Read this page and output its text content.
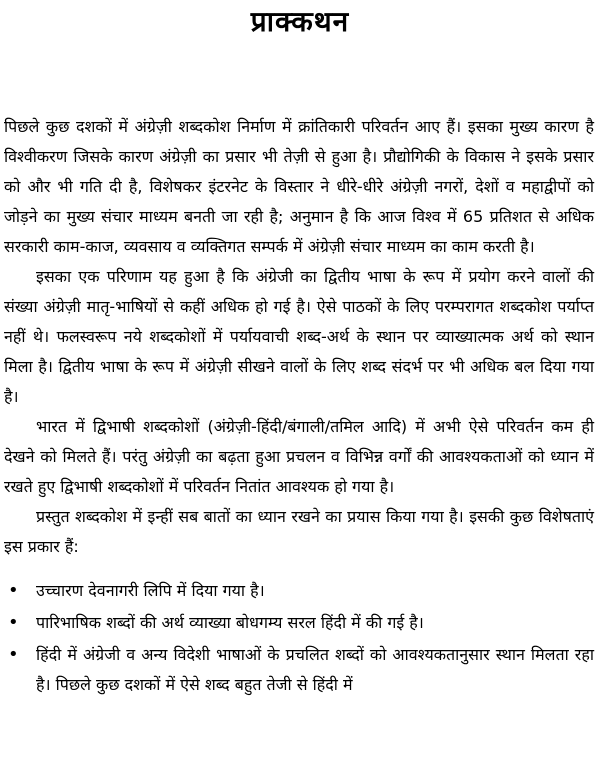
प्राक्कथन

पिछले कुछ दशकों में अंग्रेज़ी शब्दकोश निर्माण में क्रांतिकारी परिवर्तन आए हैं। इसका मुख्य कारण है विश्वीकरण जिसके कारण अंग्रेज़ी का प्रसार भी तेज़ी से हुआ है। प्रौद्योगिकी के विकास ने इसके प्रसार को और भी गति दी है, विशेषकर इंटरनेट के विस्तार ने धीरे-धीरे अंग्रेज़ी नगरों, देशों व महाद्वीपों को जोड़ने का मुख्य संचार माध्यम बनती जा रही है; अनुमान है कि आज विश्व में 65 प्रतिशत से अधिक सरकारी काम-काज, व्यवसाय व व्यक्तिगत सम्पर्क में अंग्रेज़ी संचार माध्यम का काम करती है।

इसका एक परिणाम यह हुआ है कि अंग्रेजी का द्वितीय भाषा के रूप में प्रयोग करने वालों की संख्या अंग्रेज़ी मातृ-भाषियों से कहीं अधिक हो गई है। ऐसे पाठकों के लिए परम्परागत शब्दकोश पर्याप्त नहीं थे। फलस्वरूप नये शब्दकोशों में पर्यायवाची शब्द-अर्थ के स्थान पर व्याख्यात्मक अर्थ को स्थान मिला है। द्वितीय भाषा के रूप में अंग्रेज़ी सीखने वालों के लिए शब्द संदर्भ पर भी अधिक बल दिया गया है।

भारत में द्विभाषी शब्दकोशों (अंग्रेज़ी-हिंदी/बंगाली/तमिल आदि) में अभी ऐसे परिवर्तन कम ही देखने को मिलते हैं। परंतु अंग्रेज़ी का बढ़ता हुआ प्रचलन व विभिन्न वर्गों की आवश्यकताओं को ध्यान में रखते हुए द्विभाषी शब्दकोशों में परिवर्तन नितांत आवश्यक हो गया है।

प्रस्तुत शब्दकोश में इन्हीं सब बातों का ध्यान रखने का प्रयास किया गया है। इसकी कुछ विशेषताएं इस प्रकार हैं:

• उच्चारण देवनागरी लिपि में दिया गया है।
• पारिभाषिक शब्दों की अर्थ व्याख्या बोधगम्य सरल हिंदी में की गई है।
• हिंदी में अंग्रेजी व अन्य विदेशी भाषाओं के प्रचलित शब्दों को आवश्यकतानुसार स्थान मिलता रहा है। पिछले कुछ दशकों में ऐसे शब्द बहुत तेजी से हिंदी में
